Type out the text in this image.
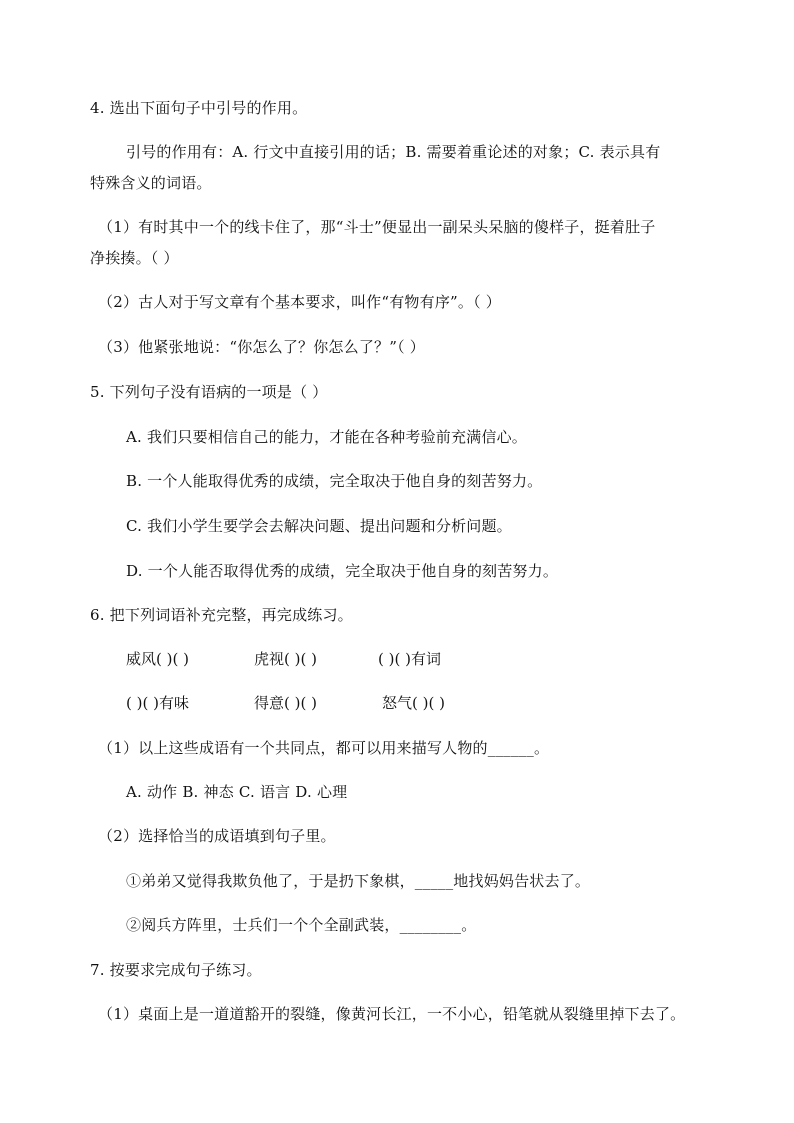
4. 选出下面句子中引号的作用。
引号的作用有：A. 行文中直接引用的话；B. 需要着重论述的对象；C. 表示具有
特殊含义的词语。
（1）有时其中一个的线卡住了，那“斗士”便显出一副呆头呆脑的傻样子，挺着肚子
净挨揍。（ ）
（2）古人对于写文章有个基本要求，叫作“有物有序”。（ ）
（3）他紧张地说：“你怎么了？你怎么了？”（ ）
5. 下列句子没有语病的一项是（ ）
A. 我们只要相信自己的能力，才能在各种考验前充满信心。
B. 一个人能取得优秀的成绩，完全取决于他自身的刻苦努力。
C. 我们小学生要学会去解决问题、提出问题和分析问题。
D. 一个人能否取得优秀的成绩，完全取决于他自身的刻苦努力。
6. 把下列词语补充完整，再完成练习。
威风( )( )	虎视( )( )	( )( )有词
( )( )有味	得意( )( )	怒气( )( )
（1）以上这些成语有一个共同点，都可以用来描写人物的______。
A. 动作 B. 神态 C. 语言 D. 心理
（2）选择恰当的成语填到句子里。
①弟弟又觉得我欺负他了，于是扔下象棋，_____地找妈妈告状去了。
②阅兵方阵里，士兵们一个个全副武装，________。
7. 按要求完成句子练习。
（1）桌面上是一道道豁开的裂缝，像黄河长江，一不小心，铅笔就从裂缝里掉下去了。
